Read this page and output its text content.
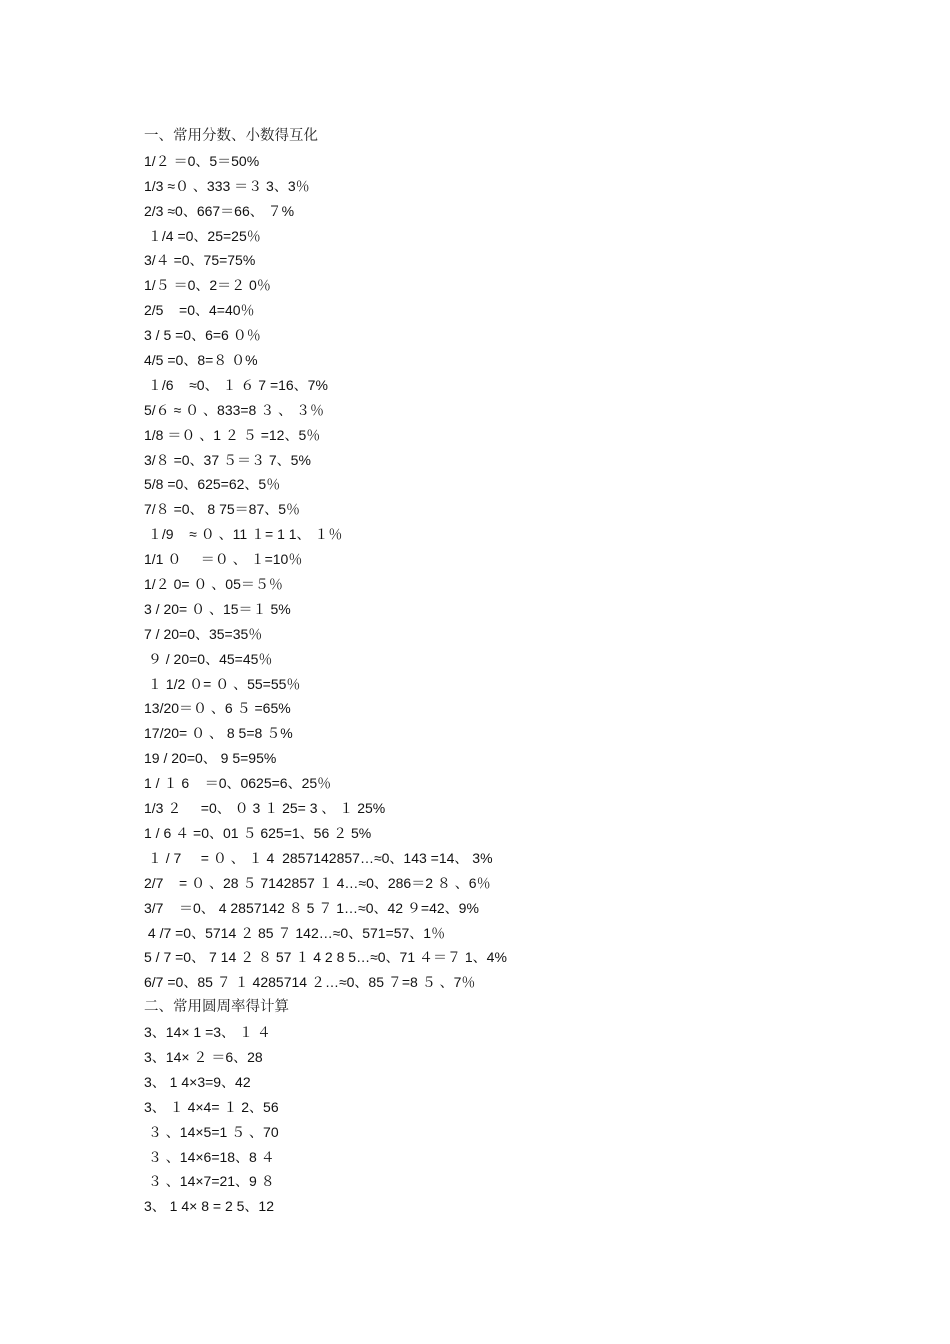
一、常用分数、小数得互化
1/２ ＝0、5＝50%
1/3 ≈０ 、333 ＝３ 3、3％
2/3 ≈0、667＝66、 ７%
１/4 =0、25=25％
3/４ =0、75=75%
1/５ ＝0、2＝２ 0％
2/5    =0、4=40％
3 / 5 =0、6=6 ０％
4/5 =0、8=８ ０%
１/6    ≈0、 １ ６ 7 =16、7%
5/６ ≈ ０ 、833=8 ３ 、 ３％
1/8 ＝０ 、1 ２ ５ =12、5％
3/８ =0、37 ５＝３ 7、5%
5/8 =0、625=62、5％
7/８ =0、 8 75＝87、5％
１/9    ≈ ０ 、11 １= 1 1、 １％
1/1 ０     ＝０ 、 １=10％
1/２ 0= ０ 、05＝５％
3 / 20= ０ 、15＝１ 5%
7 / 20=0、35=35％
９ / 20=0、45=45％
１ 1/2 ０= ０ 、55=55％
13/20＝０ 、6 ５ =65%
17/20= ０ 、 8 5=8 ５%
19 / 20=0、 9 5=95%
1 / １ 6    ＝0、0625=6、25％
1/3 ２     =0、 ０ 3 １ 25= 3 、 １ 25%
1 / 6 ４ =0、01 ５ 625=1、56 ２ 5%
１ / 7     = ０ 、 １ 4  2857142857…≈0、143 =14、 3%
2/7    = ０ 、28 ５ 7142857 １ 4…≈0、286＝2 ８ 、6％
3/7    ＝0、 4 2857142 ８ 5 ７ 1…≈0、42 ９=42、9%
4 /7 =0、5714 ２ 85 ７ 142…≈0、571=57、1％
5 / 7 =0、 7 14 ２ ８ 57 １ 4 2 8 5…≈0、71 ４＝７ 1、4%
6/7 =0、85 ７ １ 4285714 ２…≈0、85 ７=8 ５ 、7％
二、常用圆周率得计算
3、14× 1 =3、 １ ４
3、14× ２ ＝6、28
3、 1 4×3=9、42
3、 １ 4×4= １ 2、56
３ 、14×5=1 ５ 、70
３ 、14×6=18、8 ４
３ 、14×7=21、9 ８
3、 1 4× 8 = 2 5、12
